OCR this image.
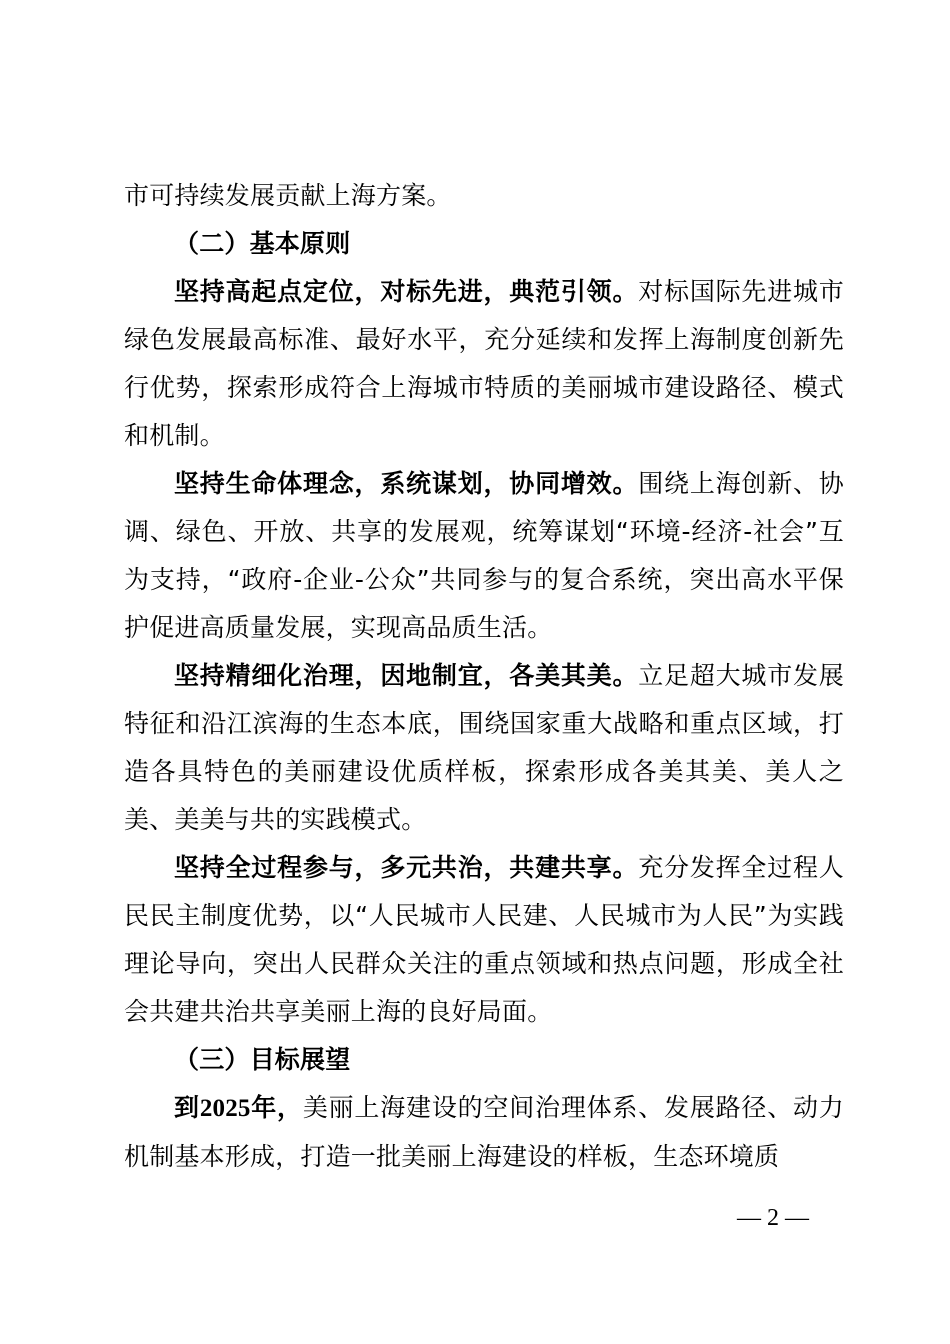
市可持续发展贡献上海方案。

（二）基本原则

坚持高起点定位，对标先进，典范引领。对标国际先进城市绿色发展最高标准、最好水平，充分延续和发挥上海制度创新先行优势，探索形成符合上海城市特质的美丽城市建设路径、模式和机制。

坚持生命体理念，系统谋划，协同增效。围绕上海创新、协调、绿色、开放、共享的发展观，统筹谋划“环境-经济-社会”互为支持，“政府-企业-公众”共同参与的复合系统，突出高水平保护促进高质量发展，实现高品质生活。

坚持精细化治理，因地制宜，各美其美。立足超大城市发展特征和沿江滨海的生态本底，围绕国家重大战略和重点区域，打造各具特色的美丽建设优质样板，探索形成各美其美、美人之美、美美与共的实践模式。

坚持全过程参与，多元共治，共建共享。充分发挥全过程人民民主制度优势，以“人民城市人民建、人民城市为人民”为实践理论导向，突出人民群众关注的重点领域和热点问题，形成全社会共建共治共享美丽上海的良好局面。

（三）目标展望

到2025年，美丽上海建设的空间治理体系、发展路径、动力机制基本形成，打造一批美丽上海建设的样板，生态环境质

— 2 —
